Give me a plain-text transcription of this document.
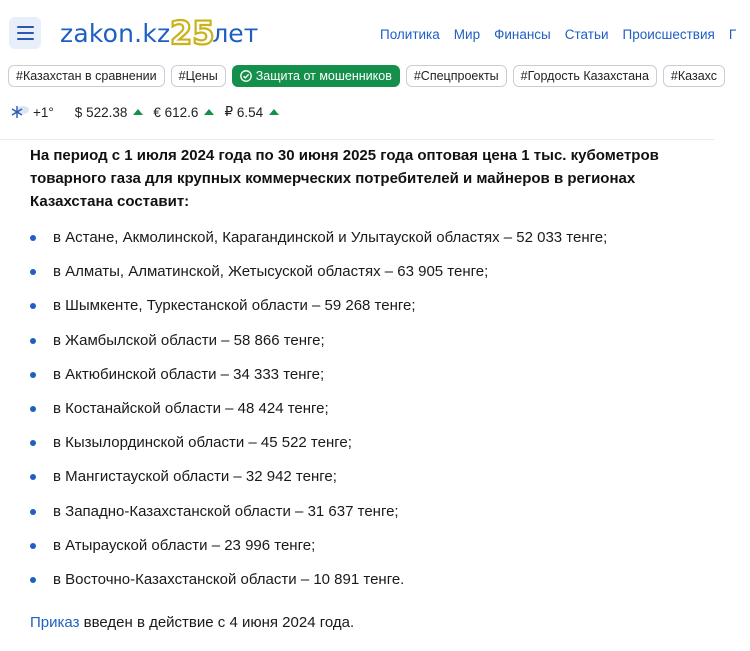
zakon.kz 25
лет	Политика Мир Финансы Статьи Происшествия Г
#Казахстан в сравнении	#Цены	Защита от мошенников	#Спецпроекты	#Гордость Казахстана	#Казахс
+1° $
522.38 €
612.6 ₽
6.54

На период с 1 июля 2024 года по 30 июня 2025 года оптовая цена 1 тыс. кубометров товарного газа для крупных коммерческих потребителей и майнеров в регионах Казахстана составит:

в Астане, Акмолинской, Карагандинской и Улытауской областях – 52 033 тенге;
в Алматы, Алматинской, Жетысуской областях – 63 905 тенге;
в Шымкенте, Туркестанской области – 59 268 тенге;
в Жамбылской области – 58 866 тенге;
в Актюбинской области – 34 333 тенге;
в Костанайской области – 48 424 тенге;
в Кызылординской области – 45 522 тенге;
в Мангистауской области – 32 942 тенге;
в Западно-Казахстанской области – 31 637 тенге;
в Атырауской области – 23 996 тенге;
в Восточно-Казахстанской области – 10 891 тенге.

Приказ введен в действие с 4 июня 2024 года.
